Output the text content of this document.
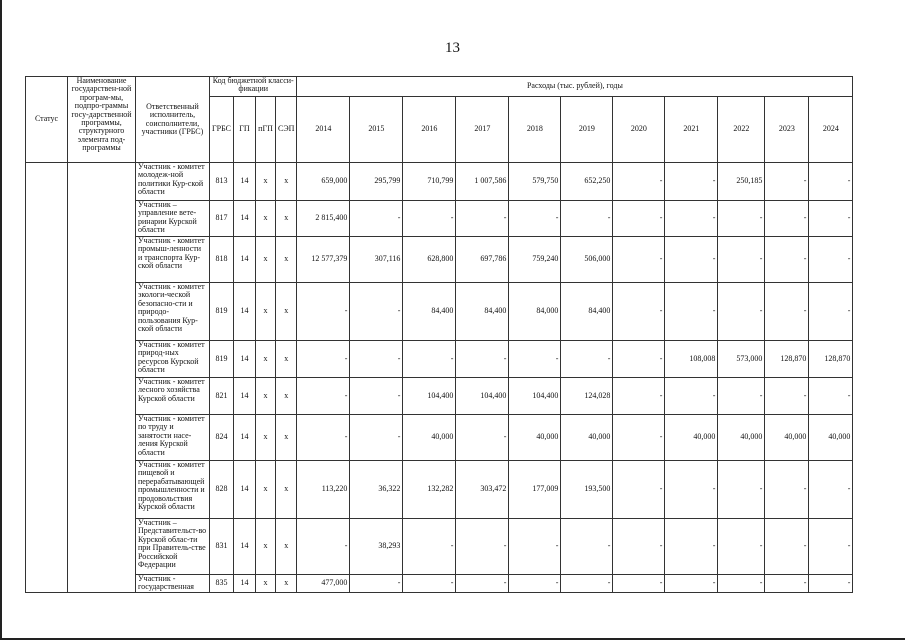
13
Статус	Наименование государствен-ной програм-мы, подпро-граммы госу-дарственной программы, структурного элемента под-программы	Ответственный исполнитель, соисполнители, участники (ГРБС)	Код бюджетной класси-фикации				Расходы (тыс. рублей), годы										
			ГРБС	ГП	пГП	СЭП	2014	2015	2016	2017	2018	2019	2020	2021	2022	2023	2024
		Участник - комитет молодеж-ной политики Кур-ской области	813	14	х	х	659,000	295,799	710,799	1 007,586	579,750	652,250	-	-	250,185	-	-
		Участник – управление вете-ринарии Курской области	817	14	х	х	2 815,400	-	-	-	-	-	-	-	-	-	-
		Участник - комитет промыш-ленности и транспорта Кур-ской области	818	14	х	х	12 577,379	307,116	628,800	697,786	759,240	506,000	-	-	-	-	-
		Участник - комитет экологи-ческой безопасно-сти и природо-пользования Кур-ской области	819	14	х	х	-	-	84,400	84,400	84,000	84,400	-	-	-	-	-
		Участник - комитет природ-ных ресурсов Курской области	819	14	х	х	-	-	-	-	-	-	-	108,008	573,000	128,870	128,870
		Участник - комитет лесного хозяйства Курской области	821	14	х	х	-	-	104,400	104,400	104,400	124,028	-	-	-	-	-
		Участник - комитет по труду и занятости насе-ления Курской области	824	14	х	х	-	-	40,000	-	40,000	40,000	-	40,000	40,000	40,000	40,000
		Участник - комитет пищевой и перерабатывающей промышленности и продовольствия Курской области	828	14	х	х	113,220	36,322	132,282	303,472	177,009	193,500	-	-	-	-	-
		Участник – Представительст-во Курской облас-ти при Правитель-стве Российской Федерации	831	14	х	х	-	38,293	-	-	-	-	-	-	-	-	-
		Участник - государственная	835	14	х	х	477,000	-	-	-	-	-	-	-	-	-	-
